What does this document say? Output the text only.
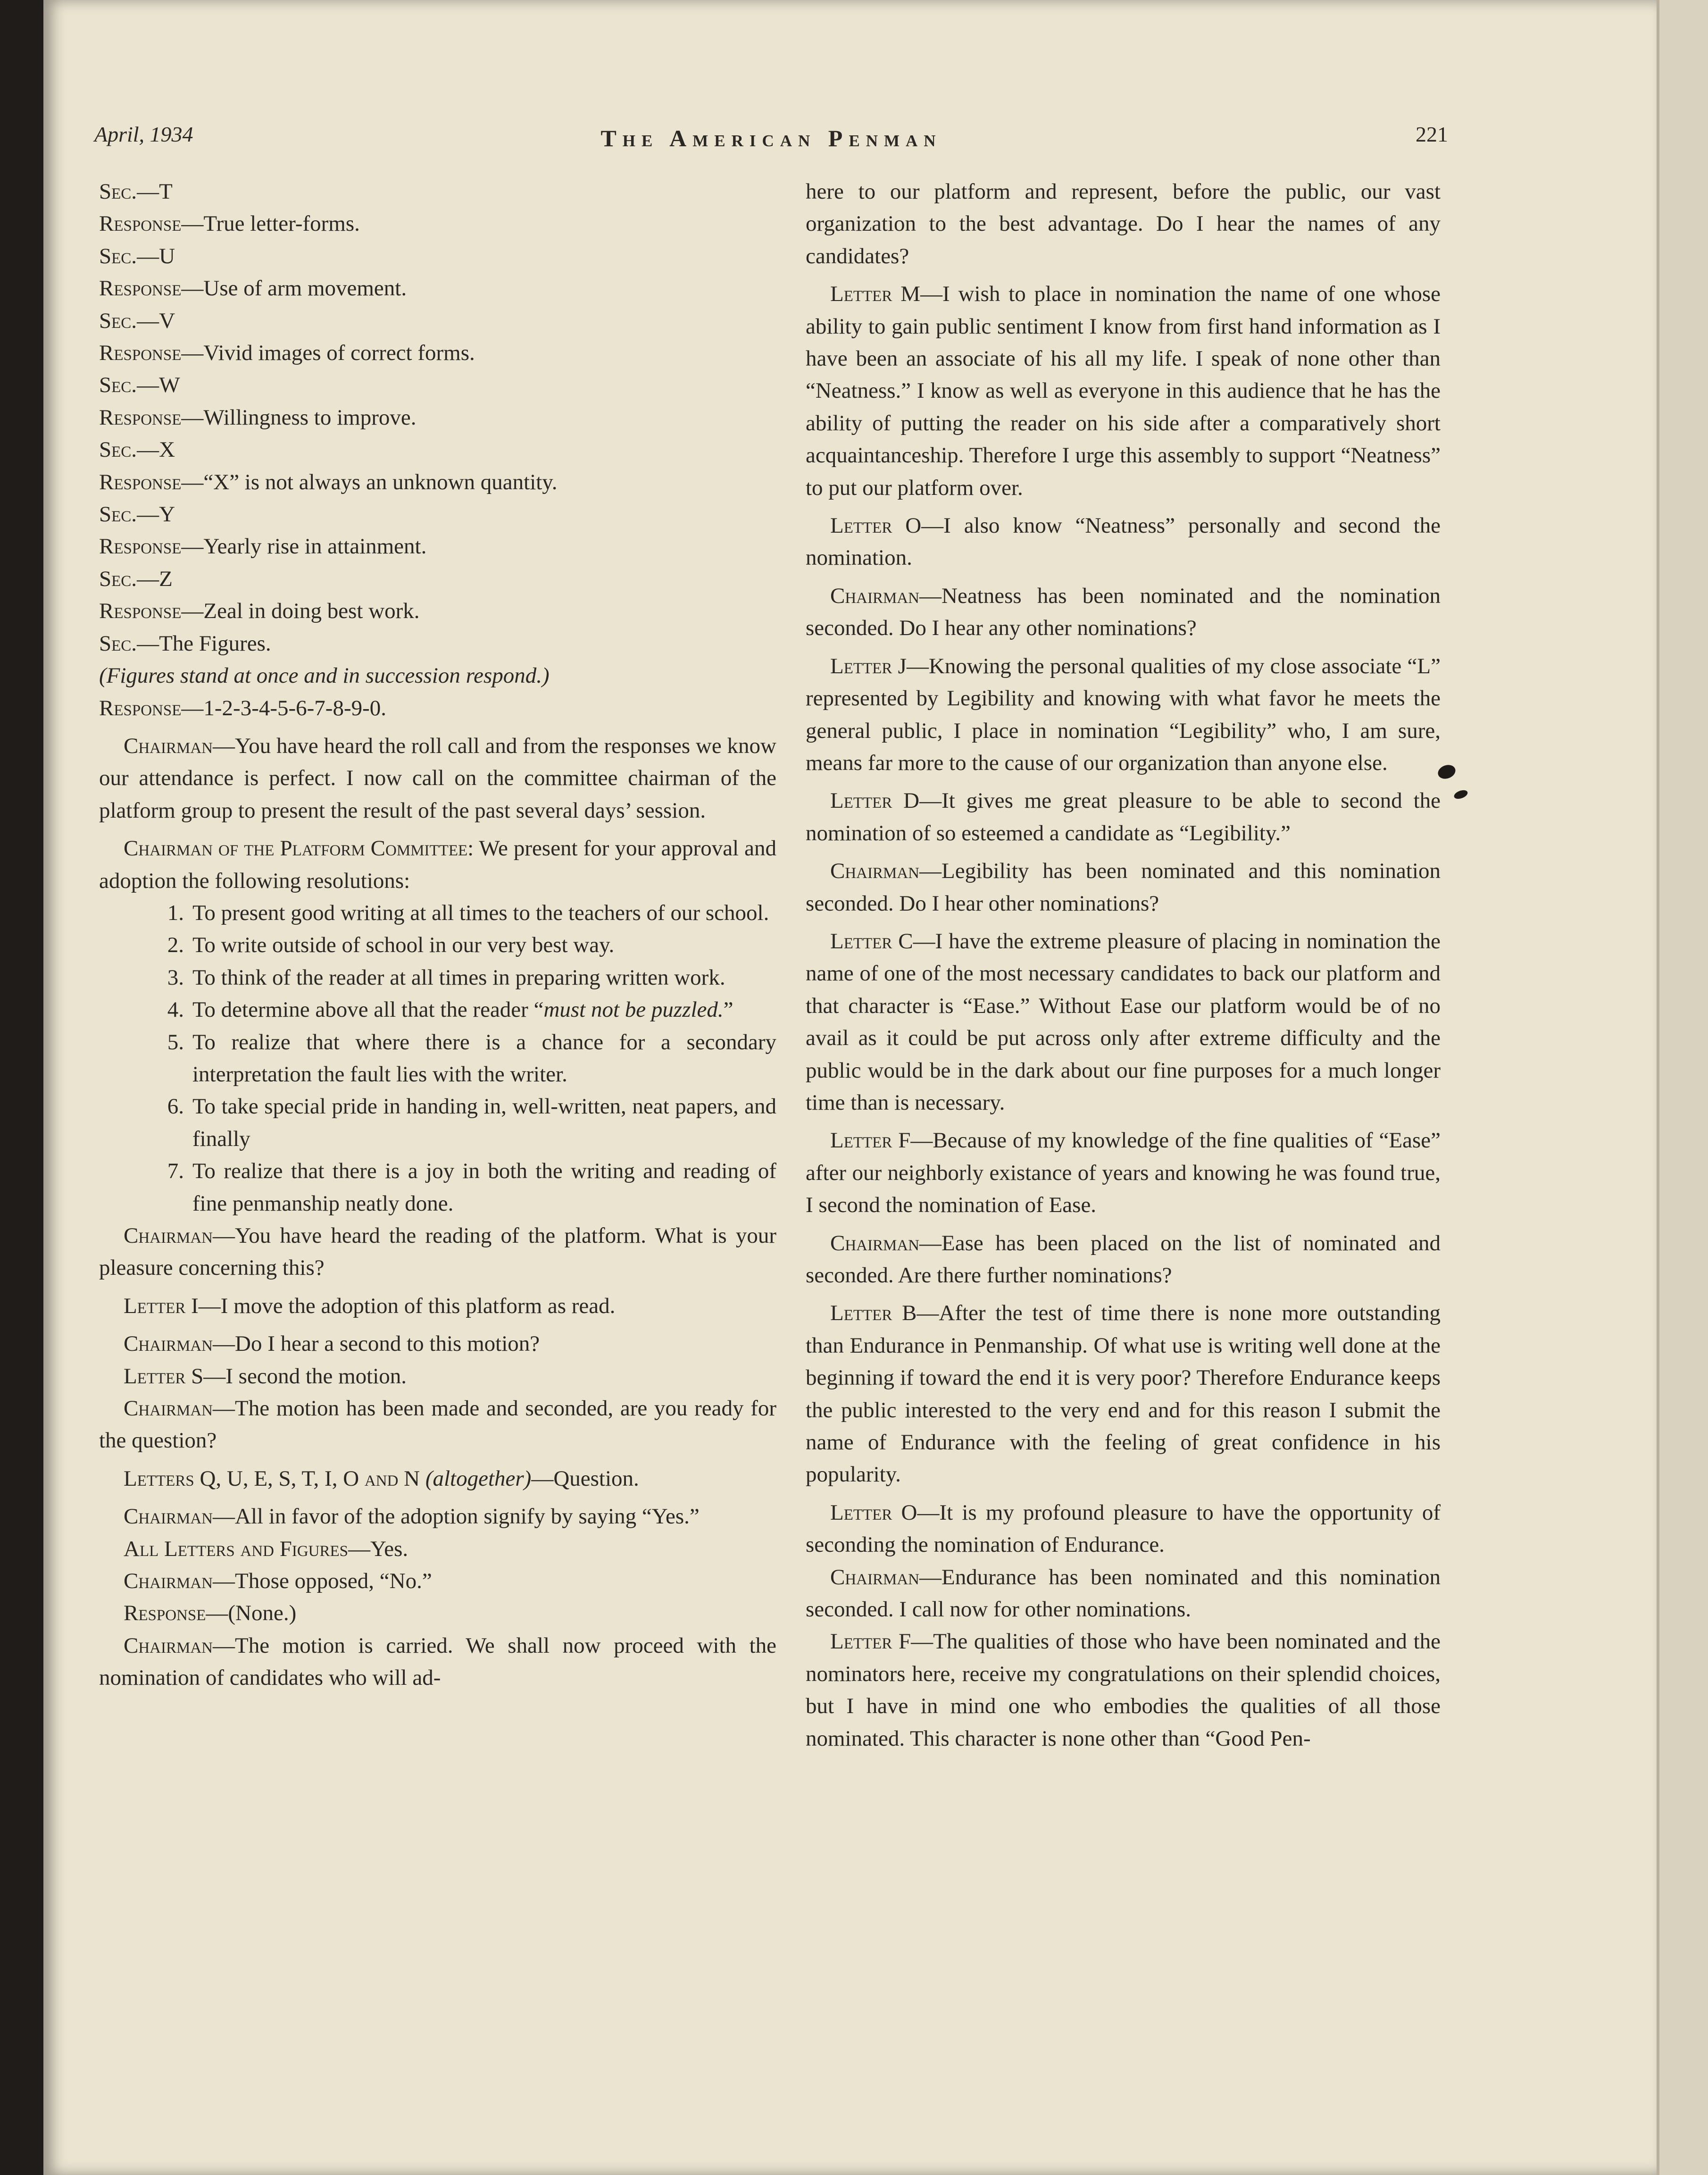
April, 1934	The American Penman	221

Sec.—T

Response—True letter-forms.

Sec.—U

Response—Use of arm movement.

Sec.—V

Response—Vivid images of correct forms.

Sec.—W

Response—Willingness to improve.

Sec.—X

Response—“X” is not always an unknown quantity.

Sec.—Y

Response—Yearly rise in attainment.

Sec.—Z

Response—Zeal in doing best work.

Sec.—The Figures.

(Figures stand at once and in succession respond.)

Response—1-2-3-4-5-6-7-8-9-0.

Chairman—You have heard the roll call and from the responses we know our attendance is perfect. I now call on the committee chairman of the platform group to present the result of the past several days’ session.

Chairman of the Platform Committee: We present for your approval and adoption the following resolutions:

1. To present good writing at all times to the teachers of our school.
2. To write outside of school in our very best way.
3. To think of the reader at all times in preparing written work.
4. To determine above all that the reader “must not be puzzled.”
5. To realize that where there is a chance for a secondary interpretation the fault lies with the writer.
6. To take special pride in handing in, well-written, neat papers, and finally
7. To realize that there is a joy in both the writing and reading of fine penmanship neatly done.

Chairman—You have heard the reading of the platform. What is your pleasure concerning this?

Letter I—I move the adoption of this platform as read.

Chairman—Do I hear a second to this motion?

Letter S—I second the motion.

Chairman—The motion has been made and seconded, are you ready for the question?

Letters Q, U, E, S, T, I, O and N (altogether)—Question.

Chairman—All in favor of the adoption signify by saying “Yes.”

All Letters and Figures—Yes.

Chairman—Those opposed, “No.”

Response—(None.)

Chairman—The motion is carried. We shall now proceed with the nomination of candidates who will ad-

here to our platform and represent, before the public, our vast organization to the best advantage. Do I hear the names of any candidates?

Letter M—I wish to place in nomination the name of one whose ability to gain public sentiment I know from first hand information as I have been an associate of his all my life. I speak of none other than “Neatness.” I know as well as everyone in this audience that he has the ability of putting the reader on his side after a comparatively short acquaintanceship. Therefore I urge this assembly to support “Neatness” to put our platform over.

Letter O—I also know “Neatness” personally and second the nomination.

Chairman—Neatness has been nominated and the nomination seconded. Do I hear any other nominations?

Letter J—Knowing the personal qualities of my close associate “L” represented by Legibility and knowing with what favor he meets the general public, I place in nomination “Legibility” who, I am sure, means far more to the cause of our organization than anyone else.

Letter D—It gives me great pleasure to be able to second the nomination of so esteemed a candidate as “Legibility.”

Chairman—Legibility has been nominated and this nomination seconded. Do I hear other nominations?

Letter C—I have the extreme pleasure of placing in nomination the name of one of the most necessary candidates to back our platform and that character is “Ease.” Without Ease our platform would be of no avail as it could be put across only after extreme difficulty and the public would be in the dark about our fine purposes for a much longer time than is necessary.

Letter F—Because of my knowledge of the fine qualities of “Ease” after our neighborly existance of years and knowing he was found true, I second the nomination of Ease.

Chairman—Ease has been placed on the list of nominated and seconded. Are there further nominations?

Letter B—After the test of time there is none more outstanding than Endurance in Penmanship. Of what use is writing well done at the beginning if toward the end it is very poor? Therefore Endurance keeps the public interested to the very end and for this reason I submit the name of Endurance with the feeling of great confidence in his popularity.

Letter O—It is my profound pleasure to have the opportunity of seconding the nomination of Endurance.

Chairman—Endurance has been nominated and this nomination seconded. I call now for other nominations.

Letter F—The qualities of those who have been nominated and the nominators here, receive my congratulations on their splendid choices, but I have in mind one who embodies the qualities of all those nominated. This character is none other than “Good Pen-
